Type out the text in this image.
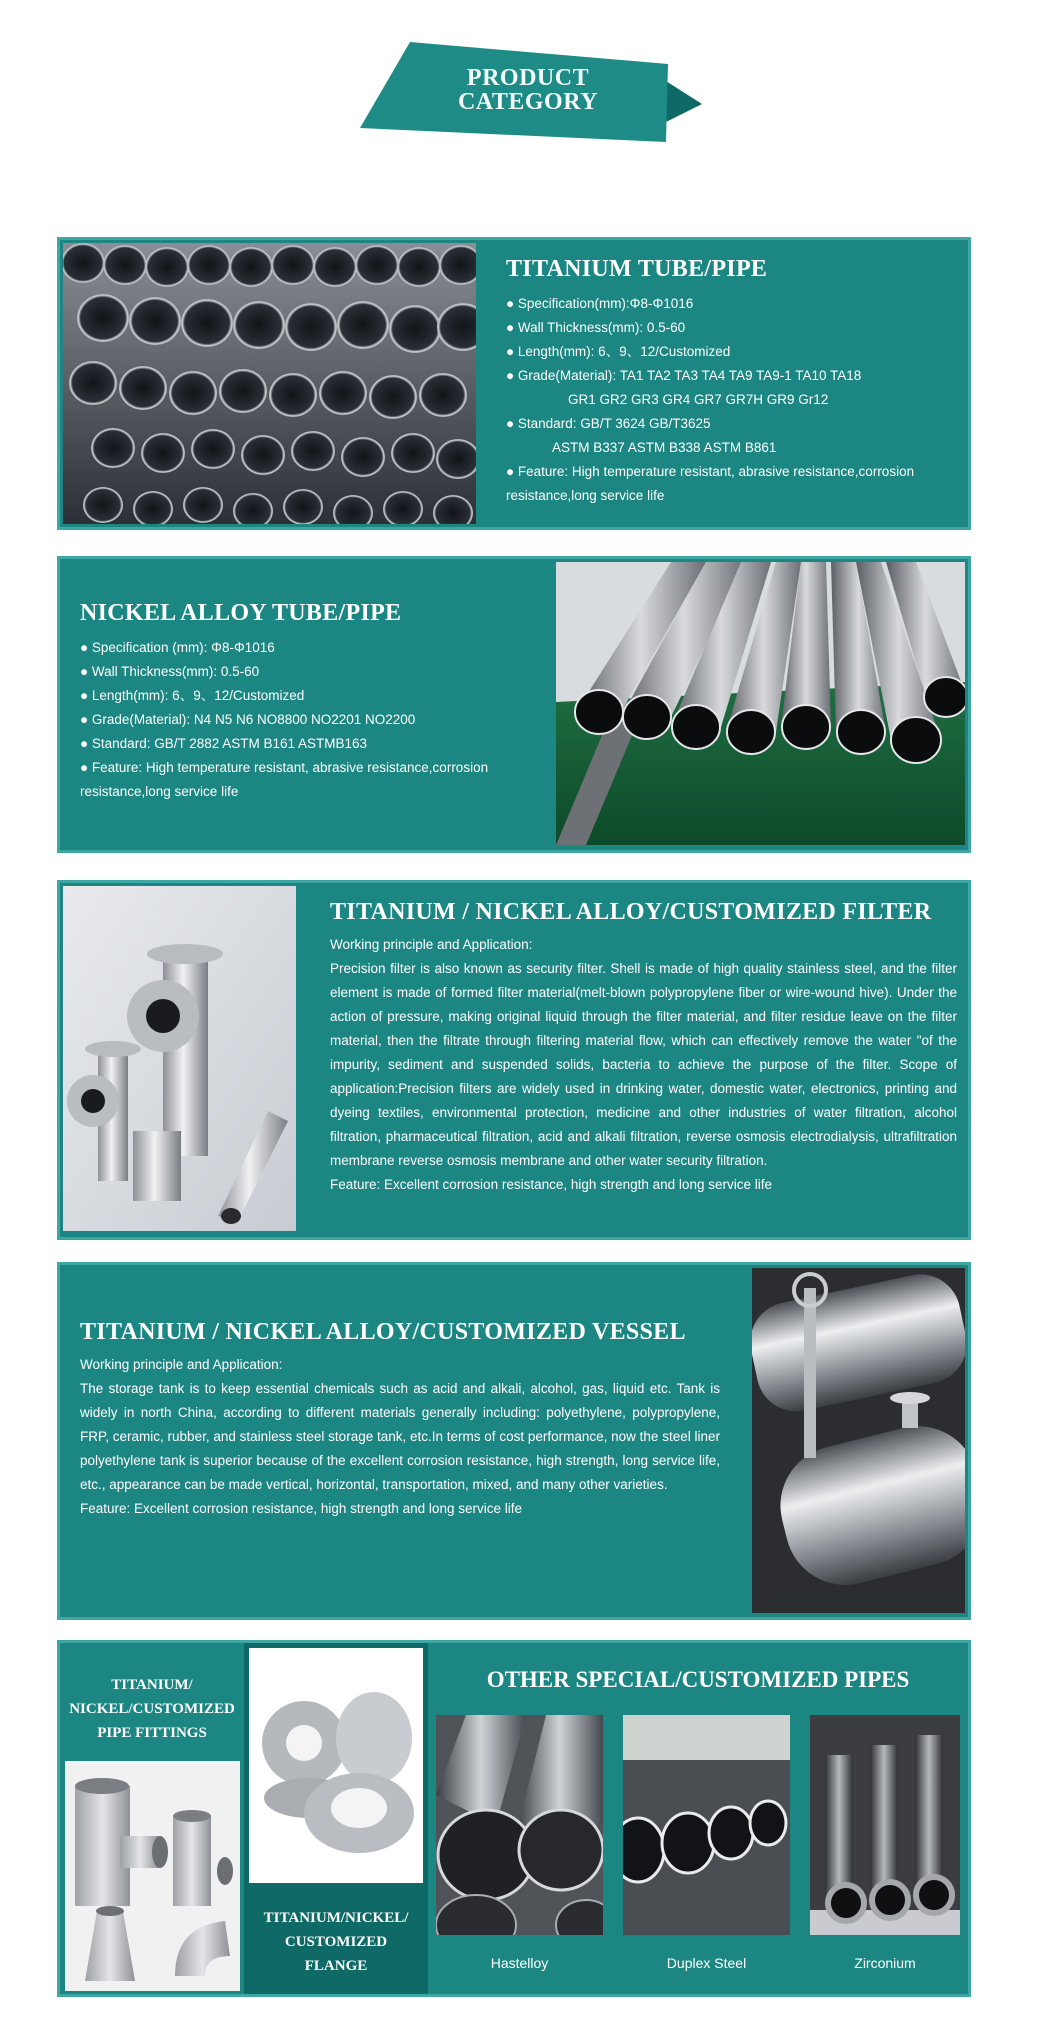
PRODUCT
CATEGORY
TITANIUM TUBE/PIPE
● Specification(mm):Φ8-Φ1016
● Wall Thickness(mm): 0.5-60
● Length(mm): 6、9、12/Customized
● Grade(Material): TA1 TA2 TA3 TA4 TA9 TA9-1 TA10 TA18
GR1 GR2 GR3 GR4 GR7 GR7H GR9 Gr12
● Standard: GB/T 3624 GB/T3625
ASTM B337 ASTM B338 ASTM B861
● Feature: High temperature resistant, abrasive resistance,corrosion
resistance,long service life
NICKEL ALLOY TUBE/PIPE
● Specification (mm): Φ8-Φ1016
● Wall Thickness(mm): 0.5-60
● Length(mm): 6、9、12/Customized
● Grade(Material): N4 N5 N6 NO8800 NO2201 NO2200
● Standard: GB/T 2882 ASTM B161 ASTMB163
● Feature: High temperature resistant, abrasive resistance,corrosion
resistance,long service life
TITANIUM / NICKEL ALLOY/CUSTOMIZED FILTER
Working principle and Application:
Precision filter is also known as security filter. Shell is made of high quality stainless steel, and the filter element is made of formed filter material(melt-blown polypropylene fiber or wire-wound hive). Under the action of pressure, making original liquid through the filter material, and filter residue leave on the filter material, then the filtrate through filtering material flow, which can effectively remove the water "of the impurity, sediment and suspended solids, bacteria to achieve the purpose of the filter. Scope of application:Precision filters are widely used in drinking water, domestic water, electronics, printing and dyeing textiles, environmental protection, medicine and other industries of water filtration, alcohol filtration, pharmaceutical filtration, acid and alkali filtration, reverse osmosis electrodialysis, ultrafiltration membrane reverse osmosis membrane and other water security filtration.
Feature: Excellent corrosion resistance, high strength and long service life
TITANIUM / NICKEL ALLOY/CUSTOMIZED VESSEL
Working principle and Application:
The storage tank is to keep essential chemicals such as acid and alkali, alcohol, gas, liquid etc. Tank is widely in north China, according to different materials generally including: polyethylene, polypropylene, FRP, ceramic, rubber, and stainless steel storage tank, etc.In terms of cost performance, now the steel liner polyethylene tank is superior because of the excellent corrosion resistance, high strength, long service life, etc., appearance can be made vertical, horizontal, transportation, mixed, and many other varieties.
Feature: Excellent corrosion resistance, high strength and long service life
TITANIUM/
NICKEL/CUSTOMIZED
PIPE FITTINGS
TITANIUM/NICKEL/
CUSTOMIZED
FLANGE
OTHER SPECIAL/CUSTOMIZED PIPES
Hastelloy	Duplex Steel	Zirconium
